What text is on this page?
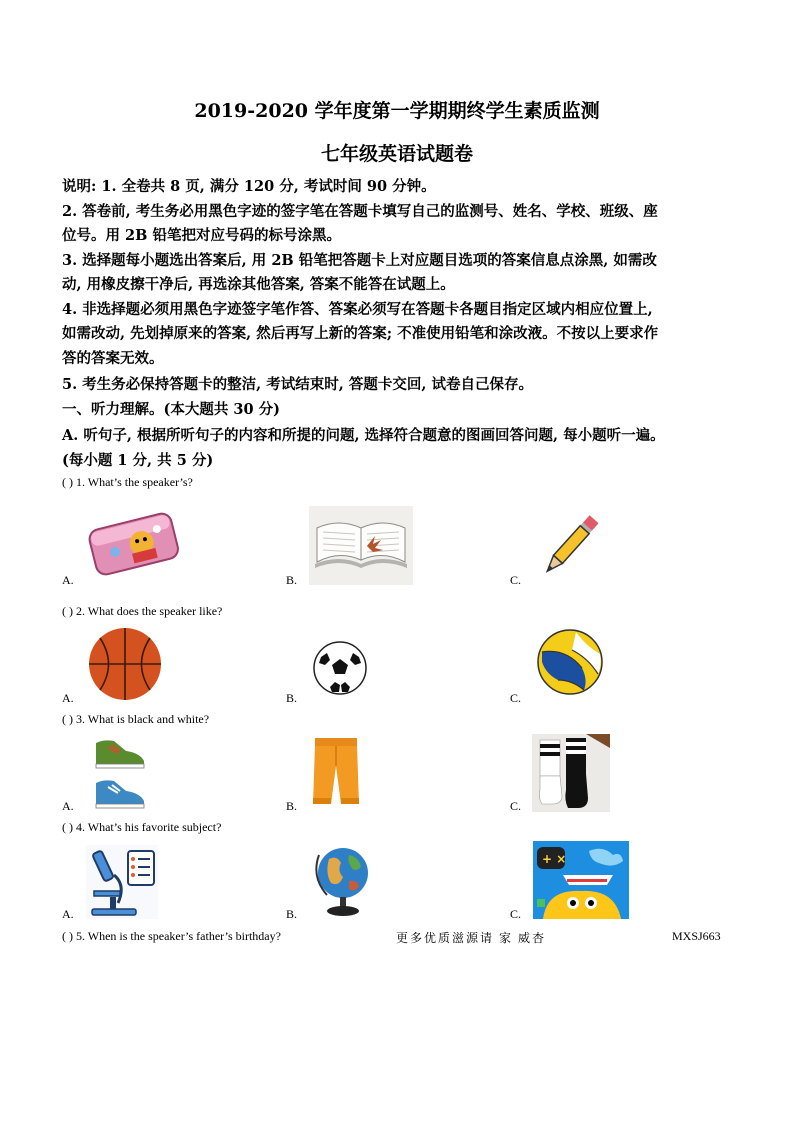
2019-2020 学年度第一学期期终学生素质监测
七年级英语试题卷
说明: 1. 全卷共 8 页, 满分 120 分, 考试时间 90 分钟。
2. 答卷前, 考生务必用黑色字迹的签字笔在答题卡填写自己的监测号、姓名、学校、班级、座
位号。用 2B 铅笔把对应号码的标号涂黑。
3. 选择题每小题选出答案后, 用 2B 铅笔把答题卡上对应题目选项的答案信息点涂黑, 如需改
动, 用橡皮擦干净后, 再选涂其他答案, 答案不能答在试题上。
4. 非选择题必须用黑色字迹签字笔作答、答案必须写在答题卡各题目指定区域内相应位置上,
如需改动, 先划掉原来的答案, 然后再写上新的答案; 不准使用铅笔和涂改液。不按以上要求作
答的答案无效。
5. 考生务必保持答题卡的整洁, 考试结束时, 答题卡交回, 试卷自己保存。
一、听力理解。(本大题共 30 分)
A. 听句子, 根据所听句子的内容和所提的问题, 选择符合题意的图画回答问题, 每小题听一遍。
(每小题 1 分, 共 5 分)
( ) 1. What’s the speaker’s?
A.	B.	C.
( ) 2. What does the speaker like?
A.	B.	C.
( ) 3. What is black and white?
A.	B.	C.
( ) 4. What’s his favorite subject?
A.	B.	C.
+ ×
( ) 5. When is the speaker’s father’s birthday?	更多优质滋源请 家 威杏	MXSJ663
